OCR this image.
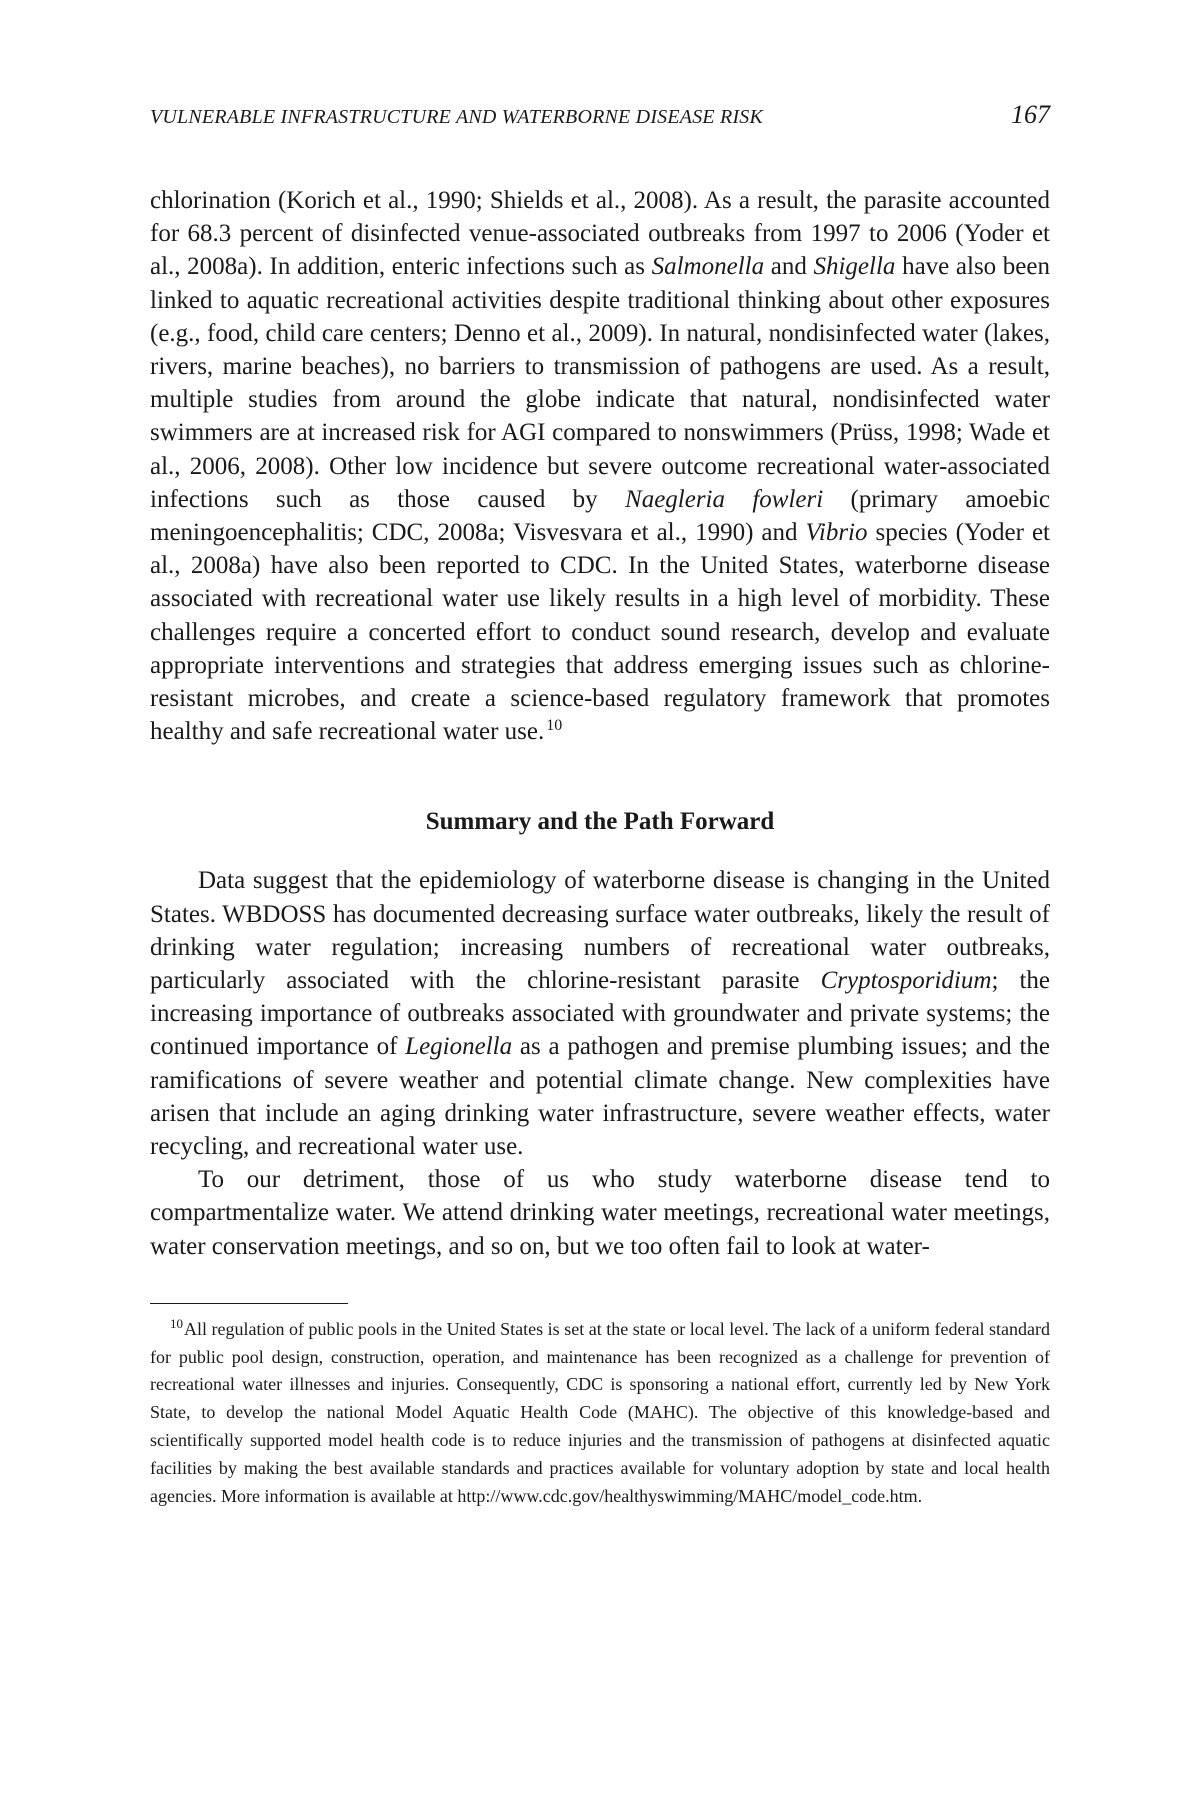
VULNERABLE INFRASTRUCTURE AND WATERBORNE DISEASE RISK	167

chlorination (Korich et al., 1990; Shields et al., 2008). As a result, the parasite accounted for 68.3 percent of disinfected venue-associated outbreaks from 1997 to 2006 (Yoder et al., 2008a). In addition, enteric infections such as Salmonella and Shigella have also been linked to aquatic recreational activities despite traditional thinking about other exposures (e.g., food, child care centers; Denno et al., 2009). In natural, nondisinfected water (lakes, rivers, marine beaches), no barriers to transmission of pathogens are used. As a result, multiple studies from around the globe indicate that natural, nondisinfected water swimmers are at increased risk for AGI compared to nonswimmers (Prüss, 1998; Wade et al., 2006, 2008). Other low incidence but severe outcome recreational water-associated infections such as those caused by Naegleria fowleri (primary amoebic meningoencephalitis; CDC, 2008a; Visvesvara et al., 1990) and Vibrio species (Yoder et al., 2008a) have also been reported to CDC. In the United States, waterborne disease associated with recreational water use likely results in a high level of morbidity. These challenges require a concerted effort to conduct sound research, develop and evaluate appropriate interventions and strategies that address emerging issues such as chlorine-resistant microbes, and create a science-based regulatory framework that promotes healthy and safe recreational water use. $^{10}$

Summary and the Path Forward

Data suggest that the epidemiology of waterborne disease is changing in the United States. WBDOSS has documented decreasing surface water outbreaks, likely the result of drinking water regulation; increasing numbers of recreational water outbreaks, particularly associated with the chlorine-resistant parasite Cryptosporidium; the increasing importance of outbreaks associated with groundwater and private systems; the continued importance of Legionella as a pathogen and premise plumbing issues; and the ramifications of severe weather and potential climate change. New complexities have arisen that include an aging drinking water infrastructure, severe weather effects, water recycling, and recreational water use.

To our detriment, those of us who study waterborne disease tend to compartmentalize water. We attend drinking water meetings, recreational water meetings, water conservation meetings, and so on, but we too often fail to look at water-

$^{10}$All regulation of public pools in the United States is set at the state or local level. The lack of a uniform federal standard for public pool design, construction, operation, and maintenance has been recognized as a challenge for prevention of recreational water illnesses and injuries. Consequently, CDC is sponsoring a national effort, currently led by New York State, to develop the national Model Aquatic Health Code (MAHC). The objective of this knowledge-based and scientifically supported model health code is to reduce injuries and the transmission of pathogens at disinfected aquatic facilities by making the best available standards and practices available for voluntary adoption by state and local health agencies. More information is available at http://www.cdc.gov/healthyswimming/MAHC/model_code.htm.
